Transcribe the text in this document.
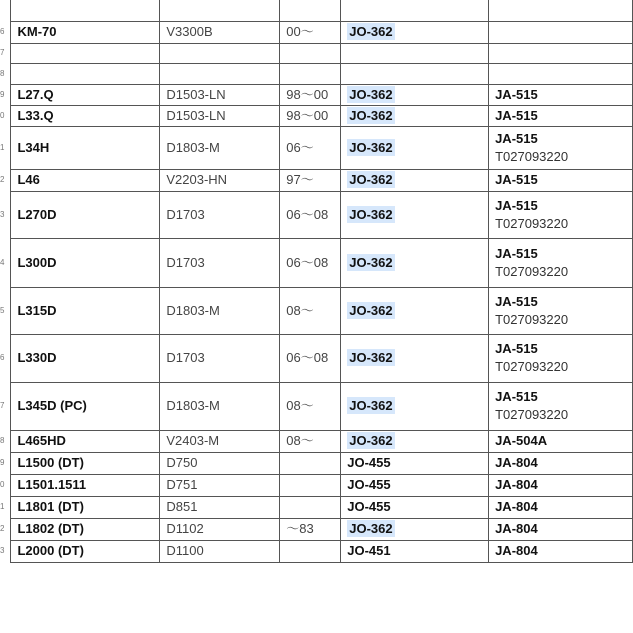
6	KM-70	V3300B	00～	JO-362	

7					

8					

9	L27.Q	D1503-LN	98～00	JO-362	JA-515

0	L33.Q	D1503-LN	98～00	JO-362	JA-515

1	L34H	D1803-M	06～	JO-362	JA-515
T027093220

2	L46	V2203-HN	97～	JO-362	JA-515

3	L270D	D1703	06～08	JO-362	JA-515
T027093220

4	L300D	D1703	06～08	JO-362	JA-515
T027093220

5	L315D	D1803-M	08～	JO-362	JA-515
T027093220

6	L330D	D1703	06～08	JO-362	JA-515
T027093220

7	L345D (PC)	D1803-M	08～	JO-362	JA-515
T027093220

8	L465HD	V2403-M	08～	JO-362	JA-504A

9	L1500 (DT)	D750		JO-455	JA-804

0	L1501.1511	D751		JO-455	JA-804

1	L1801 (DT)	D851		JO-455	JA-804

2	L1802 (DT)	D1102	～83	JO-362	JA-804

3	L2000 (DT)	D1100		JO-451	JA-804
